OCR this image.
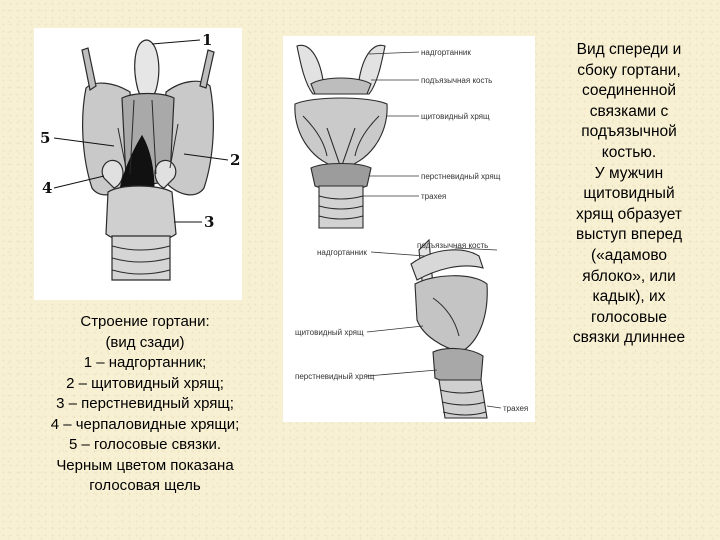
1
2
3
4
5
надгортанник
подъязычная кость
щитовидный хрящ
перстневидный хрящ
трахея
подъязычная кость
надгортанник
щитовидный хрящ
перстневидный хрящ
трахея
Строение гортани:
(вид сзади)
1 – надгортанник;
2 – щитовидный хрящ;
3 – перстневидный хрящ;
4 – черпаловидные хрящи;
5 – голосовые связки.
Черным цветом показана
голосовая щель
Вид спереди и
сбоку гортани,
соединенной
связками с
подъязычной
костью.
У мужчин
щитовидный
хрящ образует
выступ вперед
(«адамово
яблоко», или
кадык), их
голосовые
связки длиннее
